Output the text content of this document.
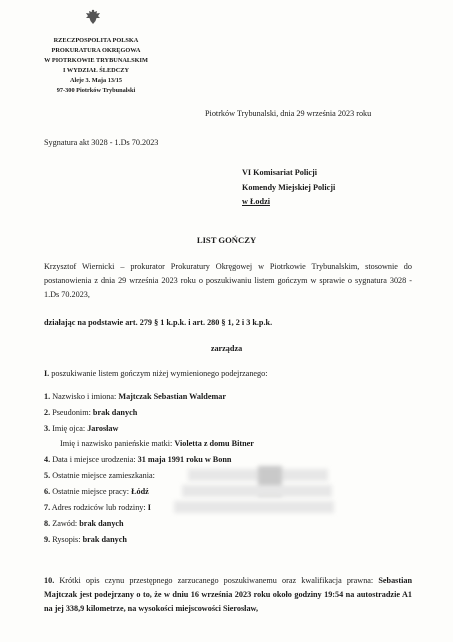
RZECZPOSPOLITA POLSKA
PROKURATURA OKRĘGOWA
W PIOTRKOWIE TRYBUNALSKIM
I WYDZIAŁ ŚLEDCZY
Aleje 3. Maja 13/15
97-300 Piotrków Trybunalski
Piotrków Trybunalski, dnia 29 września 2023 roku
Sygnatura akt 3028 - 1.Ds 70.2023
VI Komisariat Policji
Komendy Miejskiej Policji
w Łodzi
LIST GOŃCZY
Krzysztof Wiernicki – prokurator Prokuratury Okręgowej w Piotrkowie Trybunalskim, stosownie do postanowienia z dnia 29 września 2023 roku o poszukiwaniu listem gończym w sprawie o sygnatura 3028 - 1.Ds 70.2023,
działając na podstawie art. 279 § 1 k.p.k. i art. 280 § 1, 2 i 3 k.p.k.
zarządza
I. poszukiwanie listem gończym niżej wymienionego podejrzanego:
1. Nazwisko i imiona: Majtczak Sebastian Waldemar
2. Pseudonim: brak danych
3. Imię ojca: Jarosław
Imię i nazwisko panieńskie matki: Violetta z domu Bitner
4. Data i miejsce urodzenia: 31 maja 1991 roku w Bonn
5. Ostatnie miejsce zamieszkania:
6. Ostatnie miejsce pracy: Łódź
7. Adres rodziców lub rodziny: I
8. Zawód: brak danych
9. Rysopis: brak danych
10. Krótki opis czynu przestępnego zarzucanego poszukiwanemu oraz kwalifikacja prawna: Sebastian Majtczak jest podejrzany o to, że w dniu 16 września 2023 roku około godziny 19:54 na autostradzie A1 na jej 338,9 kilometrze, na wysokości miejscowości Sierosław,
